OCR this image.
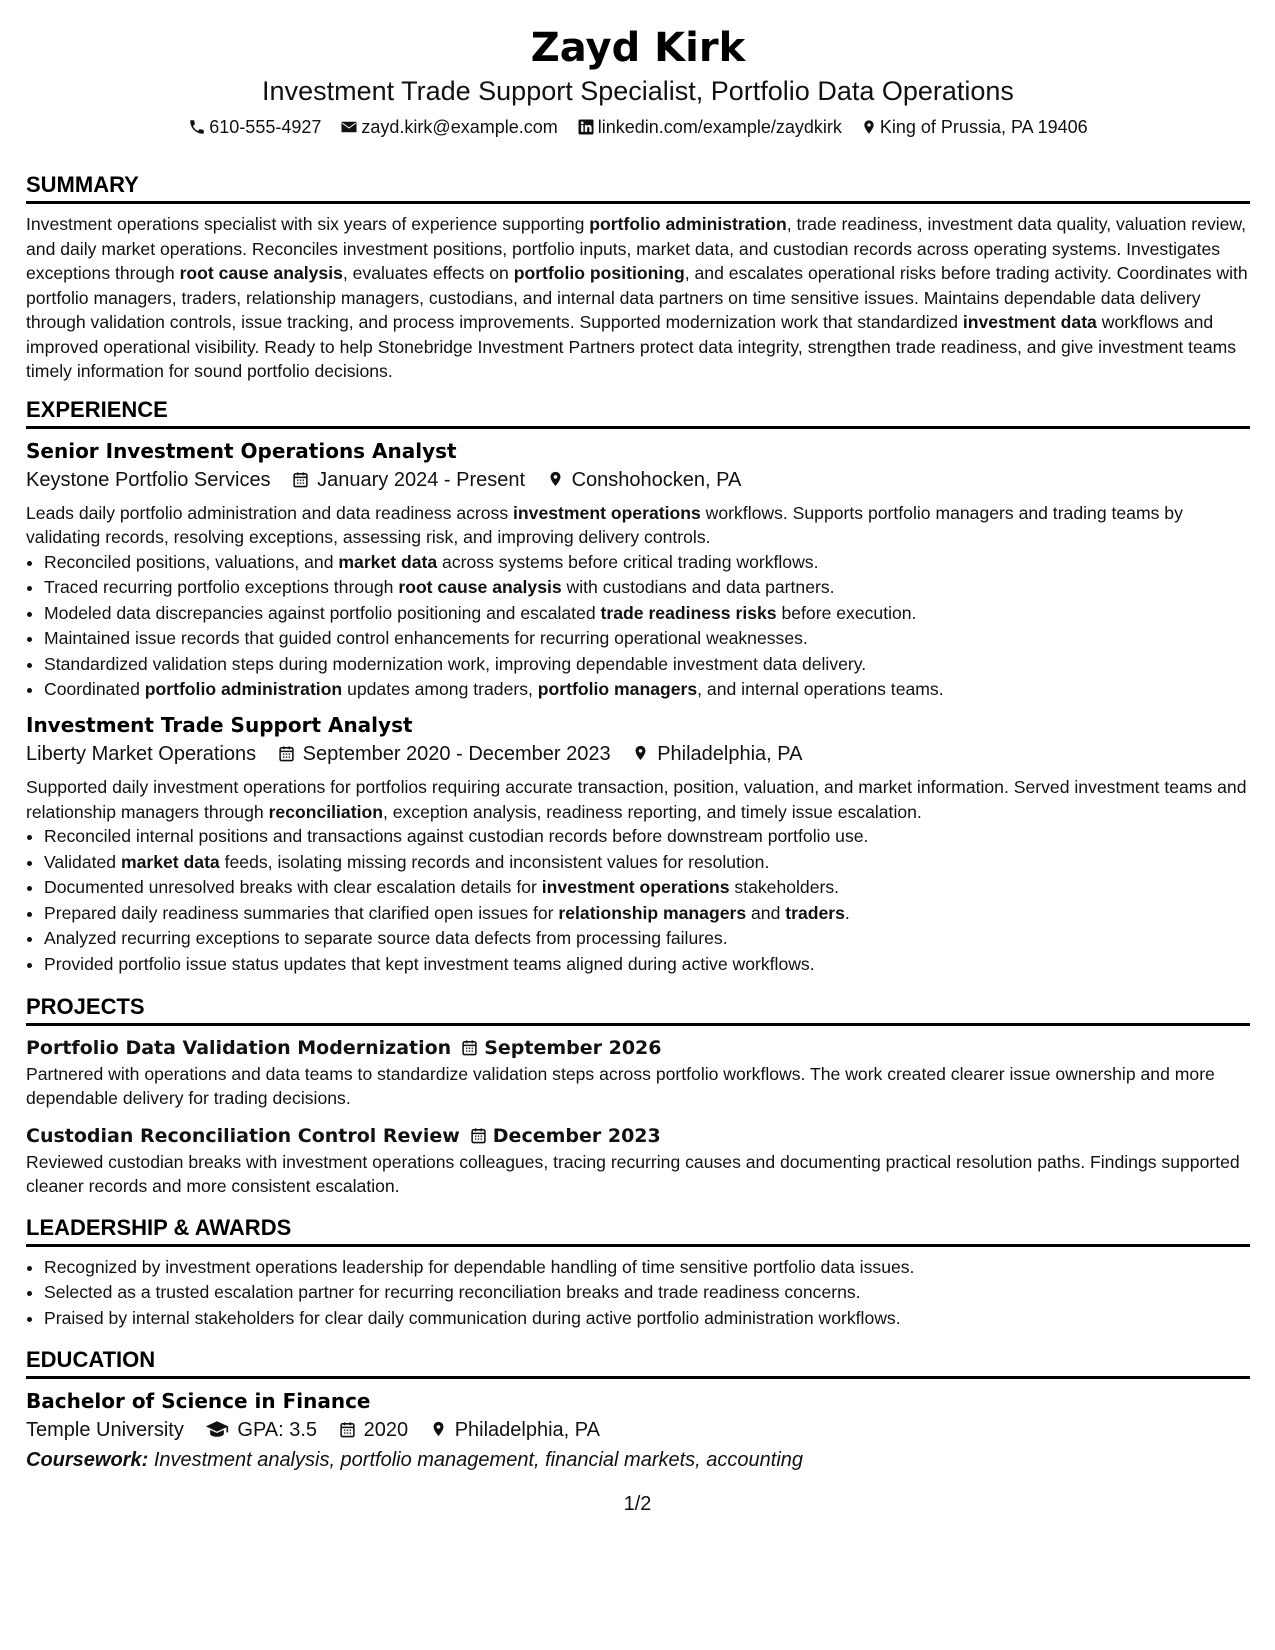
Zayd Kirk
Investment Trade Support Specialist, Portfolio Data Operations
610-555-4927 zayd.kirk@example.com linkedin.com/example/zaydkirk King of Prussia, PA 19406
SUMMARY

Investment operations specialist with six years of experience supporting portfolio administration, trade readiness, investment data quality, valuation review, and daily market operations. Reconciles investment positions, portfolio inputs, market data, and custodian records across operating systems. Investigates exceptions through root cause analysis, evaluates effects on portfolio positioning, and escalates operational risks before trading activity. Coordinates with portfolio managers, traders, relationship managers, custodians, and internal data partners on time sensitive issues. Maintains dependable data delivery through validation controls, issue tracking, and process improvements. Supported modernization work that standardized investment data workflows and improved operational visibility. Ready to help Stonebridge Investment Partners protect data integrity, strengthen trade readiness, and give investment teams timely information for sound portfolio decisions.

EXPERIENCE
Senior Investment Operations Analyst
Keystone Portfolio Services January 2024 - Present Conshohocken, PA

Leads daily portfolio administration and data readiness across investment operations workflows. Supports portfolio managers and trading teams by validating records, resolving exceptions, assessing risk, and improving delivery controls.

• Reconciled positions, valuations, and market data across systems before critical trading workflows.
• Traced recurring portfolio exceptions through root cause analysis with custodians and data partners.
• Modeled data discrepancies against portfolio positioning and escalated trade readiness risks before execution.
• Maintained issue records that guided control enhancements for recurring operational weaknesses.
• Standardized validation steps during modernization work, improving dependable investment data delivery.
• Coordinated portfolio administration updates among traders, portfolio managers, and internal operations teams.
Investment Trade Support Analyst
Liberty Market Operations September 2020 - December 2023 Philadelphia, PA

Supported daily investment operations for portfolios requiring accurate transaction, position, valuation, and market information. Served investment teams and relationship managers through reconciliation, exception analysis, readiness reporting, and timely issue escalation.

• Reconciled internal positions and transactions against custodian records before downstream portfolio use.
• Validated market data feeds, isolating missing records and inconsistent values for resolution.
• Documented unresolved breaks with clear escalation details for investment operations stakeholders.
• Prepared daily readiness summaries that clarified open issues for relationship managers and traders.
• Analyzed recurring exceptions to separate source data defects from processing failures.
• Provided portfolio issue status updates that kept investment teams aligned during active workflows.
PROJECTS
Portfolio Data Validation Modernization September 2026

Partnered with operations and data teams to standardize validation steps across portfolio workflows. The work created clearer issue ownership and more dependable delivery for trading decisions.

Custodian Reconciliation Control Review December 2023

Reviewed custodian breaks with investment operations colleagues, tracing recurring causes and documenting practical resolution paths. Findings supported cleaner records and more consistent escalation.

LEADERSHIP & AWARDS
• Recognized by investment operations leadership for dependable handling of time sensitive portfolio data issues.
• Selected as a trusted escalation partner for recurring reconciliation breaks and trade readiness concerns.
• Praised by internal stakeholders for clear daily communication during active portfolio administration workflows.
EDUCATION
Bachelor of Science in Finance
Temple University	GPA: 3.5 2020 Philadelphia, PA
Coursework: Investment analysis, portfolio management, financial markets, accounting
1/2
